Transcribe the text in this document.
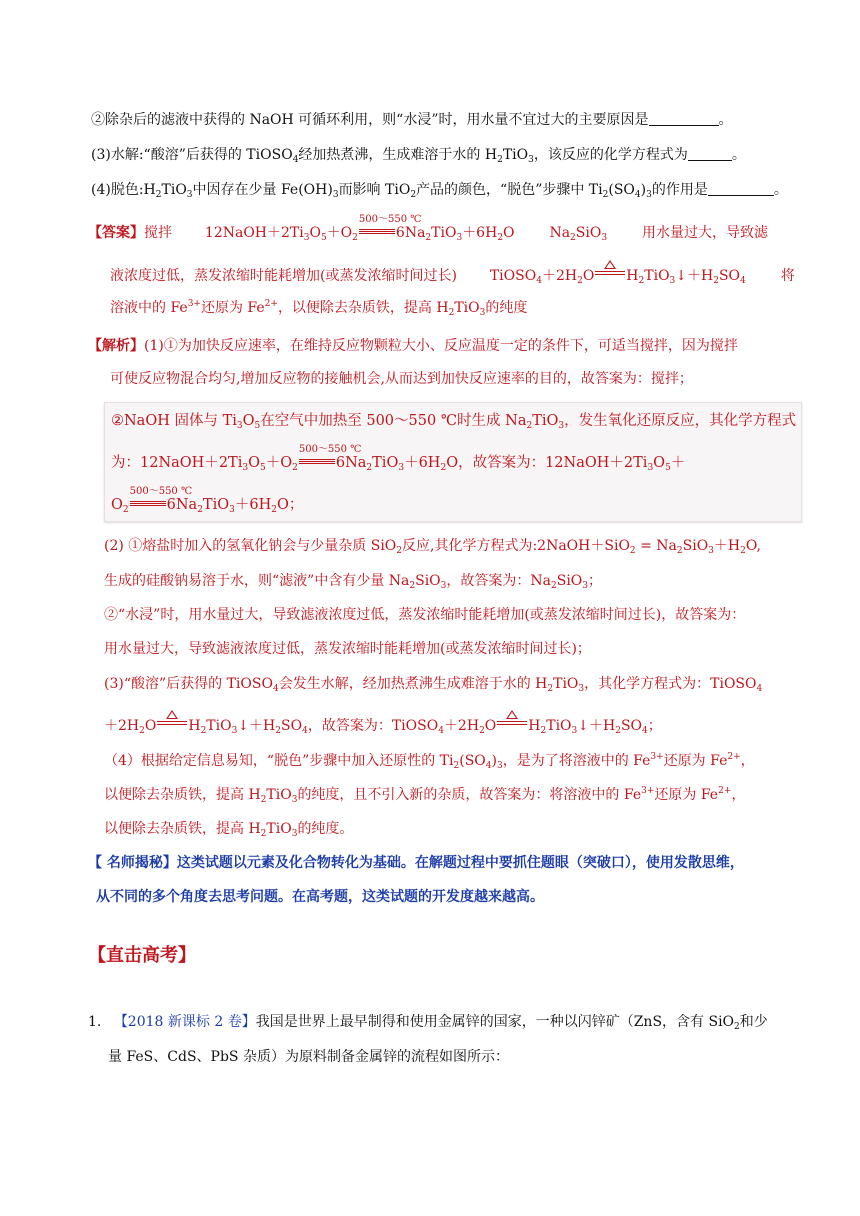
②除杂后的滤液中获得的 NaOH 可循环利用，则“水浸”时，用水量不宜过大的主要原因是	。
(3)水解:“酸溶”后获得的 TiOSO$_4$经加热煮沸，生成难溶于水的 $H_2TiO_3$，该反应的化学方程式为	。
(4)脱色$:H_2TiO_3$中因存在少量 $Fe(OH)_3$而影响 TiO$_2$产品的颜色，“脱色”步骤中 $Ti_2(SO_4)_3$的作用是	。
【答案】搅拌 $12NaOH+2Ti_3O_5+O_2$
500～550 ℃
$6Na_2TiO_3+6H_2O$ $Na_2SiO_3$ 用水量过大，导致滤
液浓度过低，蒸发浓缩时能耗增加(或蒸发浓缩时间过长) $TiOSO_4+2H_2O$ $H_2TiO_3↓+H_2SO_4$ 将
溶液中的 $Fe^{3+}$还原为 $Fe^{2+}$，以便除去杂质铁，提高 $H_2TiO_3$的纯度
【解析】(1)①为加快反应速率，在维持反应物颗粒大小、反应温度一定的条件下，可适当搅拌，因为搅拌
可使反应物混合均匀,增加反应物的接触机会,从而达到加快反应速率的目的，故答案为：搅拌；
②NaOH 固体与 $Ti_3O_5$在空气中加热至 500～550 ℃时生成 $Na_2TiO_3$，发生氧化还原反应，其化学方程式
为：$12NaOH+2Ti_3O_5+O_2$
500～550 ℃
$6Na_2TiO_3+6H_2O$，故答案为：$12NaOH+2Ti_3O_5+$
$O_2$
500～550 ℃
$6Na_2TiO_3+6H_2O$；
(2) ①熔盐时加入的氢氧化钠会与少量杂质 SiO$_2$反应,其化学方程式为:2NaOH＋SiO$_2$ = $Na_2SiO_3+H_2O$,
生成的硅酸钠易溶于水，则“滤液”中含有少量 $Na_2SiO_3$，故答案为：$Na_2SiO_3$；
②“水浸”时，用水量过大，导致滤液浓度过低，蒸发浓缩时能耗增加(或蒸发浓缩时间过长)，故答案为：
用水量过大，导致滤液浓度过低，蒸发浓缩时能耗增加(或蒸发浓缩时间过长)；
(3)“酸溶”后获得的 TiOSO$_4$会发生水解，经加热煮沸生成难溶于水的 $H_2TiO_3$，其化学方程式为：TiOSO$_4$
$+2H_2O$ $H_2TiO_3↓+H_2SO_4$，故答案为：$TiOSO_4+2H_2O$ $H_2TiO_3↓+H_2SO_4$；
（4）根据给定信息易知，“脱色”步骤中加入还原性的 $Ti_2(SO_4)_3$，是为了将溶液中的 $Fe^{3+}$还原为 $Fe^{2+}$，
以便除去杂质铁，提高 $H_2TiO_3$的纯度，且不引入新的杂质，故答案为：将溶液中的 $Fe^{3+}$还原为 $Fe^{2+}$，
以便除去杂质铁，提高 $H_2TiO_3$的纯度。
【 名师揭秘】这类试题以元素及化合物转化为基础。在解题过程中要抓住题眼（突破口），使用发散思维，
从不同的多个角度去思考问题。在高考题，这类试题的开发度越来越高。
【直击高考】
1. 【2018 新课标 2 卷】我国是世界上最早制得和使用金属锌的国家，一种以闪锌矿（ZnS，含有 SiO$_2$和少
量 FeS、CdS、PbS 杂质）为原料制备金属锌的流程如图所示：
